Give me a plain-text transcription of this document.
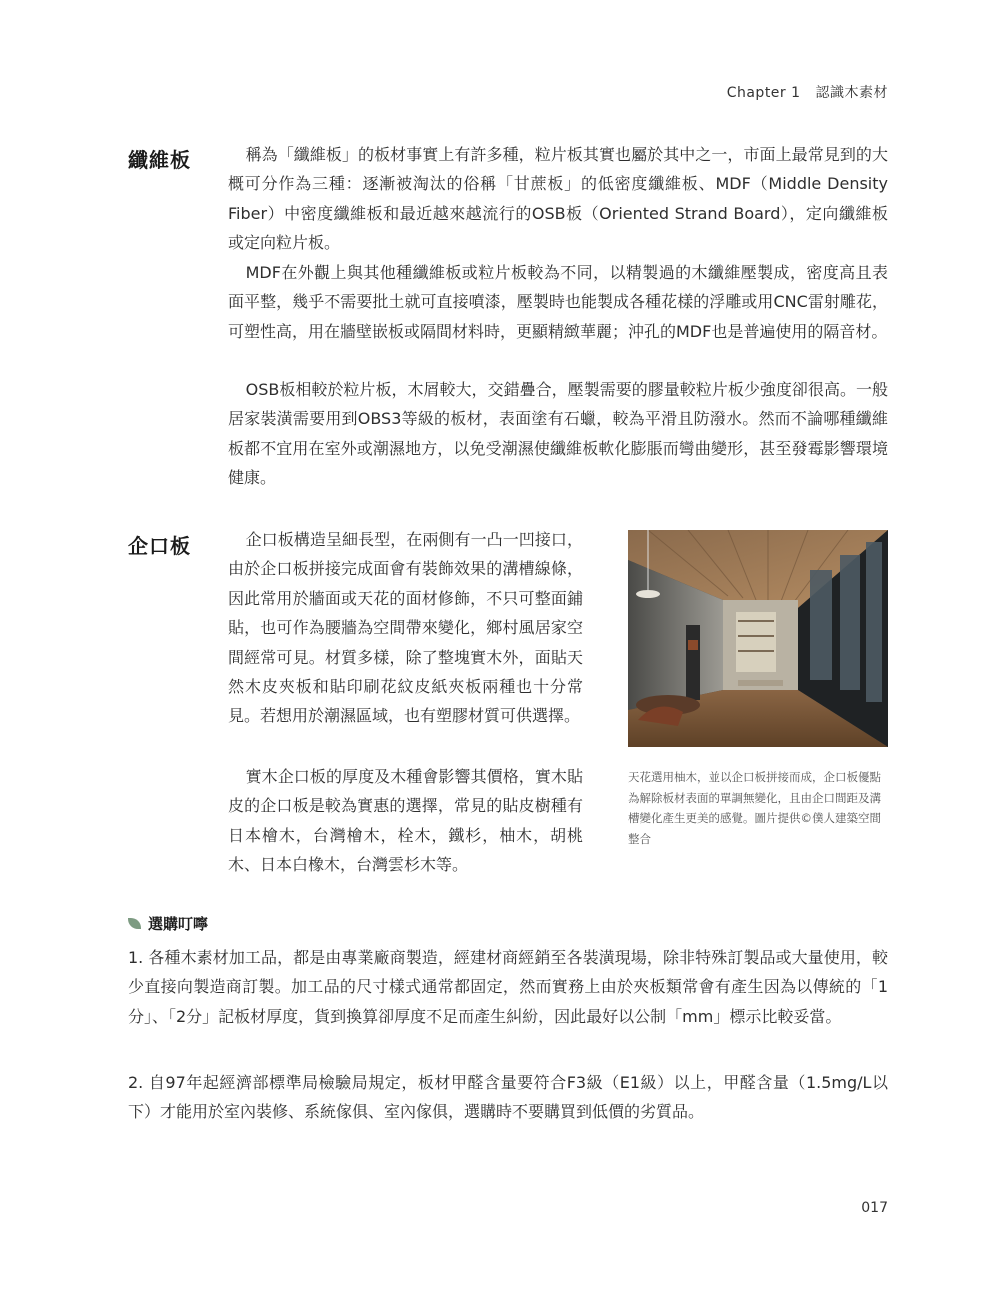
Chapter 1 認識木素材
纖維板	稱為「纖維板」的板材事實上有許多種，粒片板其實也屬於其中之一，市面上最常見到的大概可分作為三種：逐漸被淘汰的俗稱「甘蔗板」的低密度纖維板、MDF（Middle Density Fiber）中密度纖維板和最近越來越流行的OSB板（Oriented Strand Board），定向纖維板或定向粒片板。

MDF在外觀上與其他種纖維板或粒片板較為不同，以精製過的木纖維壓製成，密度高且表面平整，幾乎不需要批土就可直接噴漆，壓製時也能製成各種花樣的浮雕或用CNC雷射雕花，可塑性高，用在牆壁嵌板或隔間材料時，更顯精緻華麗；沖孔的MDF也是普遍使用的隔音材。

OSB板相較於粒片板，木屑較大，交錯疊合，壓製需要的膠量較粒片板少強度卻很高。一般居家裝潢需要用到OBS3等級的板材，表面塗有石蠟，較為平滑且防潑水。然而不論哪種纖維板都不宜用在室外或潮濕地方，以免受潮濕使纖維板軟化膨脹而彎曲變形，甚至發霉影響環境健康。

企口板	企口板構造呈細長型，在兩側有一凸一凹接口，由於企口板拼接完成面會有裝飾效果的溝槽線條，因此常用於牆面或天花的面材修飾，不只可整面鋪貼，也可作為腰牆為空間帶來變化，鄉村風居家空間經常可見。材質多樣，除了整塊實木外，面貼天然木皮夾板和貼印刷花紋皮紙夾板兩種也十分常見。若想用於潮濕區域，也有塑膠材質可供選擇。

實木企口板的厚度及木種會影響其價格，實木貼皮的企口板是較為實惠的選擇，常見的貼皮樹種有日本檜木，台灣檜木，栓木，鐵杉，柚木，胡桃木、日本白橡木，台灣雲杉木等。

天花選用柚木，並以企口板拼接而成，企口板優點為解除板材表面的單調無變化，且由企口間距及溝槽變化產生更美的感覺。圖片提供©僕人建築空間整合

選購叮嚀

1. 各種木素材加工品，都是由專業廠商製造，經建材商經銷至各裝潢現場，除非特殊訂製品或大量使用，較少直接向製造商訂製。加工品的尺寸樣式通常都固定，然而實務上由於夾板類常會有產生因為以傳統的「1分」、「2分」記板材厚度，貨到換算卻厚度不足而產生糾紛，因此最好以公制「mm」標示比較妥當。

2. 自97年起經濟部標準局檢驗局規定，板材甲醛含量要符合F3級（E1級）以上，甲醛含量（1.5mg/L以下）才能用於室內裝修、系統傢俱、室內傢俱，選購時不要購買到低價的劣質品。

017
